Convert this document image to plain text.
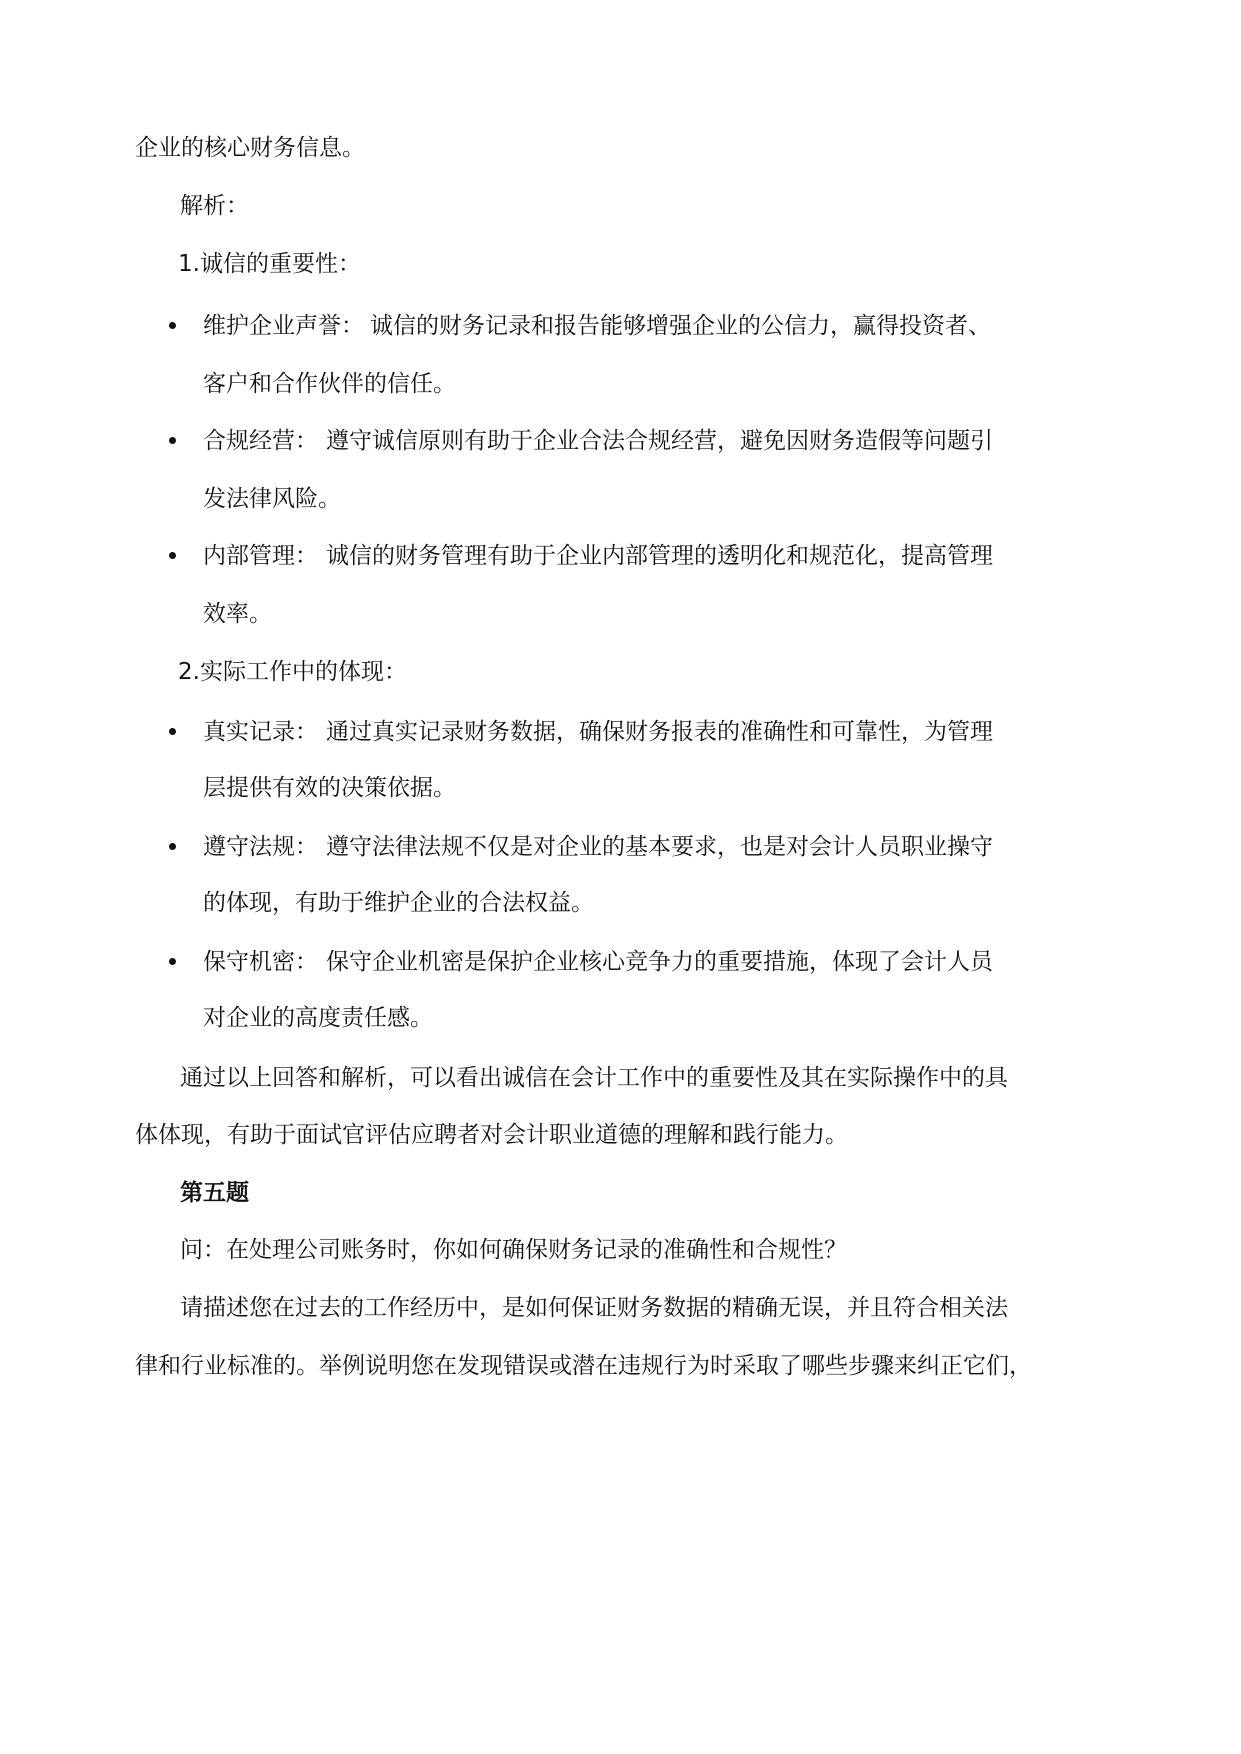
企业的核心财务信息。
解析：
1.诚信的重要性：
维护企业声誉： 诚信的财务记录和报告能够增强企业的公信力，赢得投资者、
客户和合作伙伴的信任。
合规经营： 遵守诚信原则有助于企业合法合规经营，避免因财务造假等问题引
发法律风险。
内部管理： 诚信的财务管理有助于企业内部管理的透明化和规范化，提高管理
效率。
2.实际工作中的体现：
真实记录： 通过真实记录财务数据，确保财务报表的准确性和可靠性，为管理
层提供有效的决策依据。
遵守法规： 遵守法律法规不仅是对企业的基本要求，也是对会计人员职业操守
的体现，有助于维护企业的合法权益。
保守机密： 保守企业机密是保护企业核心竞争力的重要措施，体现了会计人员
对企业的高度责任感。
通过以上回答和解析，可以看出诚信在会计工作中的重要性及其在实际操作中的具
体体现，有助于面试官评估应聘者对会计职业道德的理解和践行能力。
第五题
问：在处理公司账务时，你如何确保财务记录的准确性和合规性？
请描述您在过去的工作经历中，是如何保证财务数据的精确无误，并且符合相关法
律和行业标准的。举例说明您在发现错误或潜在违规行为时采取了哪些步骤来纠正它们，
